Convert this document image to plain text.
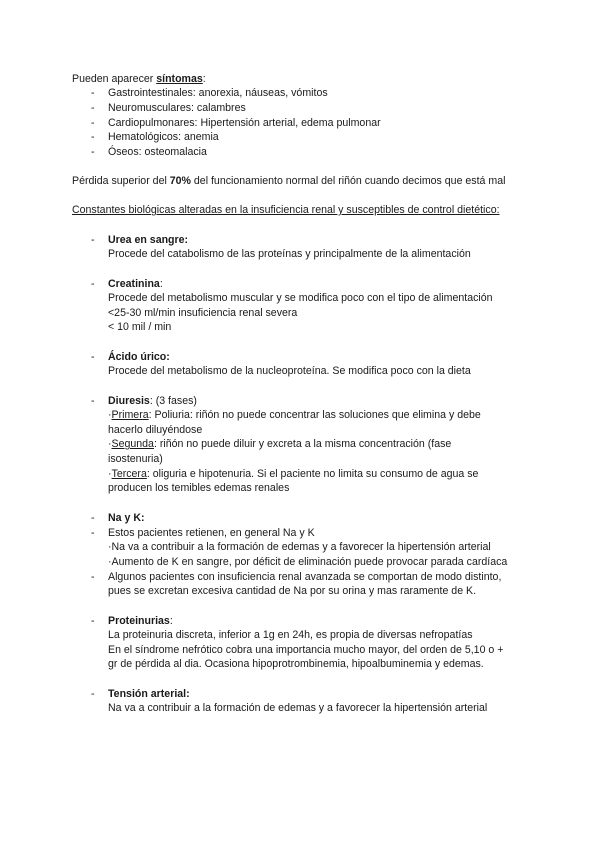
Pueden aparecer síntomas:
- Gastrointestinales: anorexia, náuseas, vómitos
- Neuromusculares: calambres
- Cardiopulmonares: Hipertensión arterial, edema pulmonar
- Hematológicos: anemia
- Óseos: osteomalacia
Pérdida superior del 70% del funcionamiento normal del riñón cuando decimos que está mal
Constantes biológicas alteradas en la insuficiencia renal y susceptibles de control dietético:
- Urea en sangre:
Procede del catabolismo de las proteínas y principalmente de la alimentación
- Creatinina:
Procede del metabolismo muscular y se modifica poco con el tipo de alimentación
<25-30 ml/min insuficiencia renal severa
< 10 mil / min
- Ácido úrico:
Procede del metabolismo de la nucleoproteína. Se modifica poco con la dieta
- Diuresis: (3 fases)
·Primera: Poliuria: riñón no puede concentrar las soluciones que elimina y debe
hacerlo diluyéndose
·Segunda: riñón no puede diluir y excreta a la misma concentración (fase
isostenuria)
·Tercera: oliguria e hipotenuria. Si el paciente no limita su consumo de agua se
producen los temibles edemas renales
- Na y K:
- Estos pacientes retienen, en general Na y K
·Na va a contribuir a la formación de edemas y a favorecer la hipertensión arterial
·Aumento de K en sangre, por déficit de eliminación puede provocar parada cardíaca
- Algunos pacientes con insuficiencia renal avanzada se comportan de modo distinto,
pues se excretan excesiva cantidad de Na por su orina y mas raramente de K.
- Proteinurias:
La proteinuria discreta, inferior a 1g en 24h, es propia de diversas nefropatías
En el síndrome nefrótico cobra una importancia mucho mayor, del orden de 5,10 o +
gr de pérdida al dia. Ocasiona hipoprotrombinemia, hipoalbuminemia y edemas.
- Tensión arterial:
Na va a contribuir a la formación de edemas y a favorecer la hipertensión arterial
